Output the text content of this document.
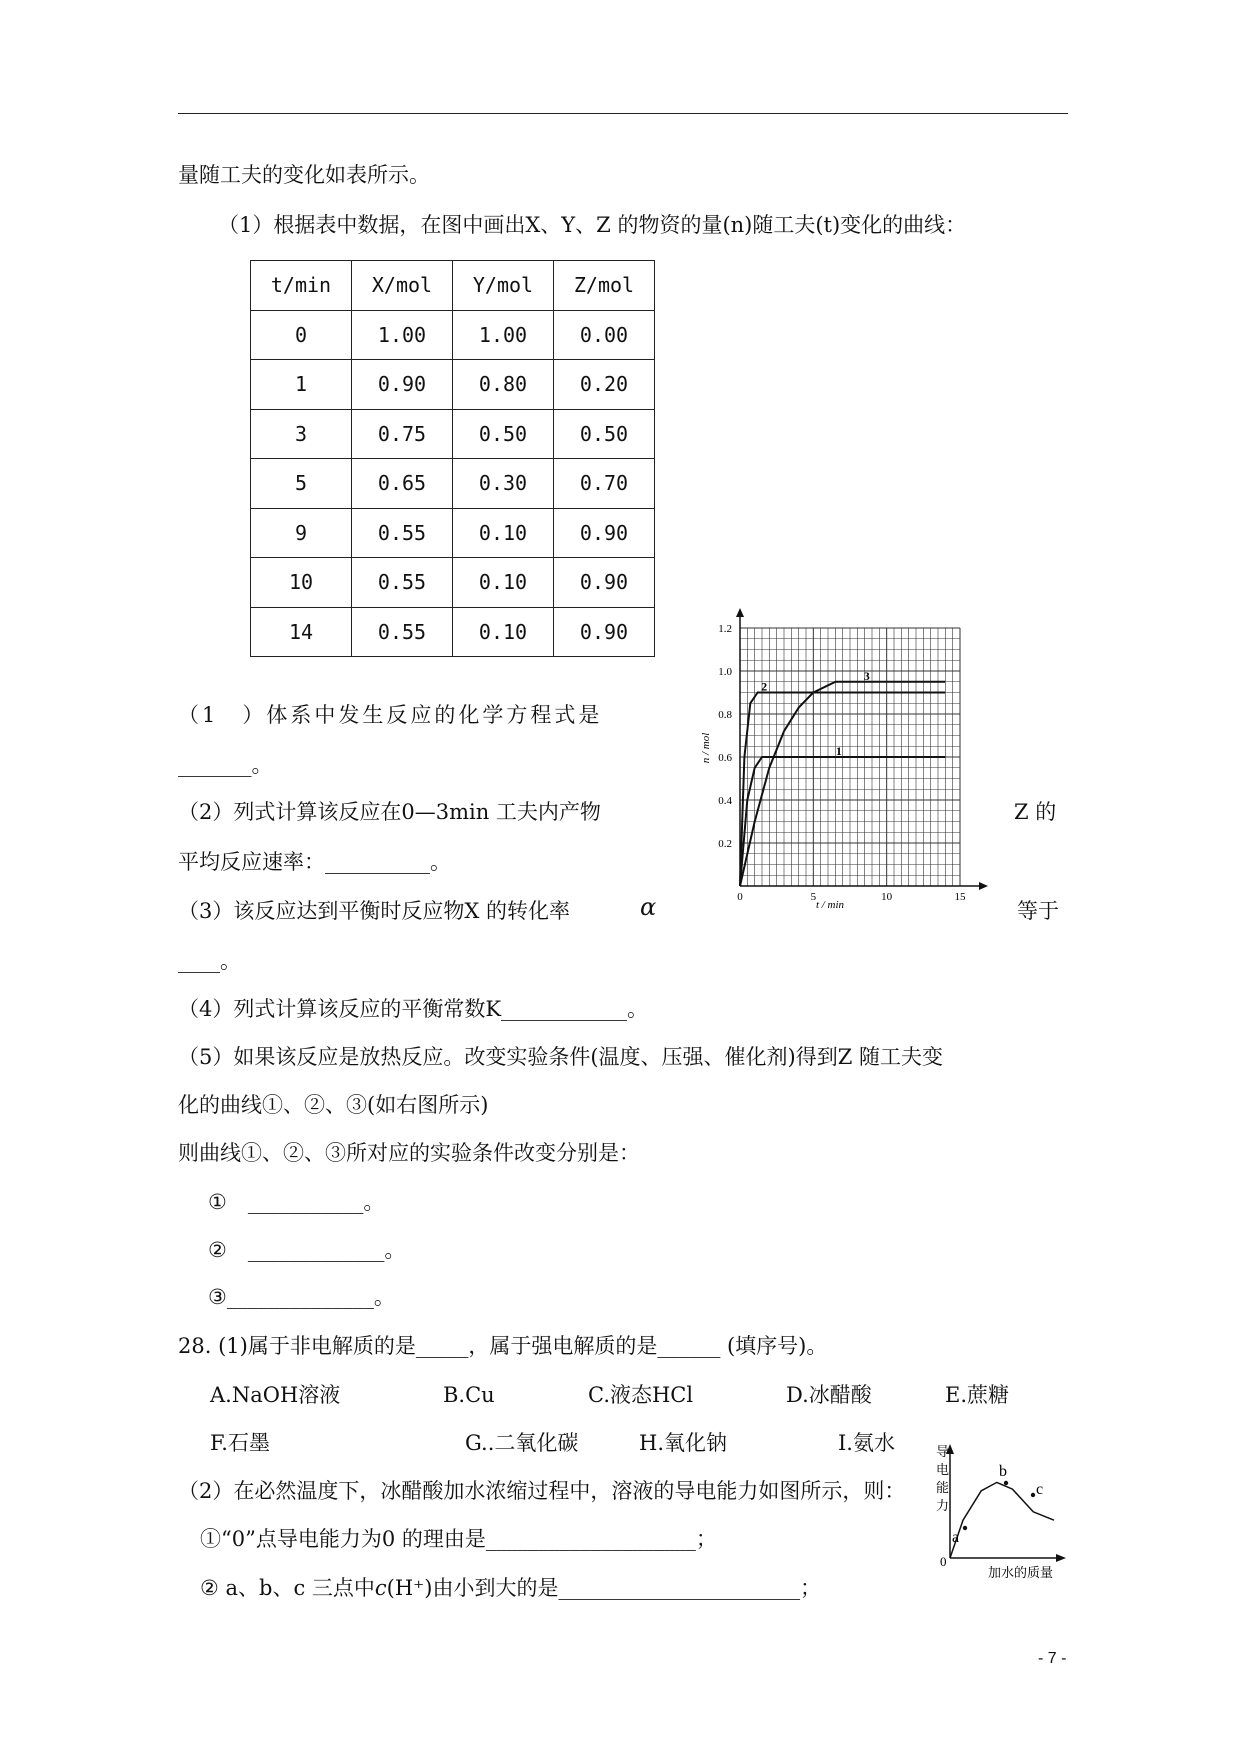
量随工夫的变化如表所示。
（1）根据表中数据，在图中画出X、Y、Z 的物资的量(n)随工夫(t)变化的曲线：
t/min	X/mol	Y/mol	Z/mol
0	1.00	1.00	0.00
1	0.90	0.80	0.20
3	0.75	0.50	0.50
5	0.65	0.30	0.70
9	0.55	0.10	0.90
10	0.55	0.10	0.90
14	0.55	0.10	0.90
0.2
0.4
0.6
0.8
1.0
1.2
0	5	10	15
1
2
3
n / mol
t / min
（1　）体系中发生反应的化学方程式是
_______。
（2）列式计算该反应在0—3min 工夫内产物	Z 的
平均反应速率：__________。
（3）该反应达到平衡时反应物X 的转化率	α	等于
____。
（4）列式计算该反应的平衡常数K____________。
（5）如果该反应是放热反应。改变实验条件(温度、压强、催化剂)得到Z 随工夫变
化的曲线①、②、③(如右图所示)
则曲线①、②、③所对应的实验条件改变分别是：
①　___________。
②　_____________。
③______________。
28. (1)属于非电解质的是_____，属于强电解质的是______ (填序号)。
A.NaOH溶液	B.Cu	C.液态HCl	D.冰醋酸	E.蔗糖
F.石墨	G..二氧化碳	H.氧化钠	I.氨水
（2）在必然温度下，冰醋酸加水浓缩过程中，溶液的导电能力如图所示，则：
①“0”点导电能力为0 的理由是____________________；
② a、b、c 三点中c(H⁺)由小到大的是_______________________；
0
导 电 能 力
加水的质量
a
b
c
- 7 -
